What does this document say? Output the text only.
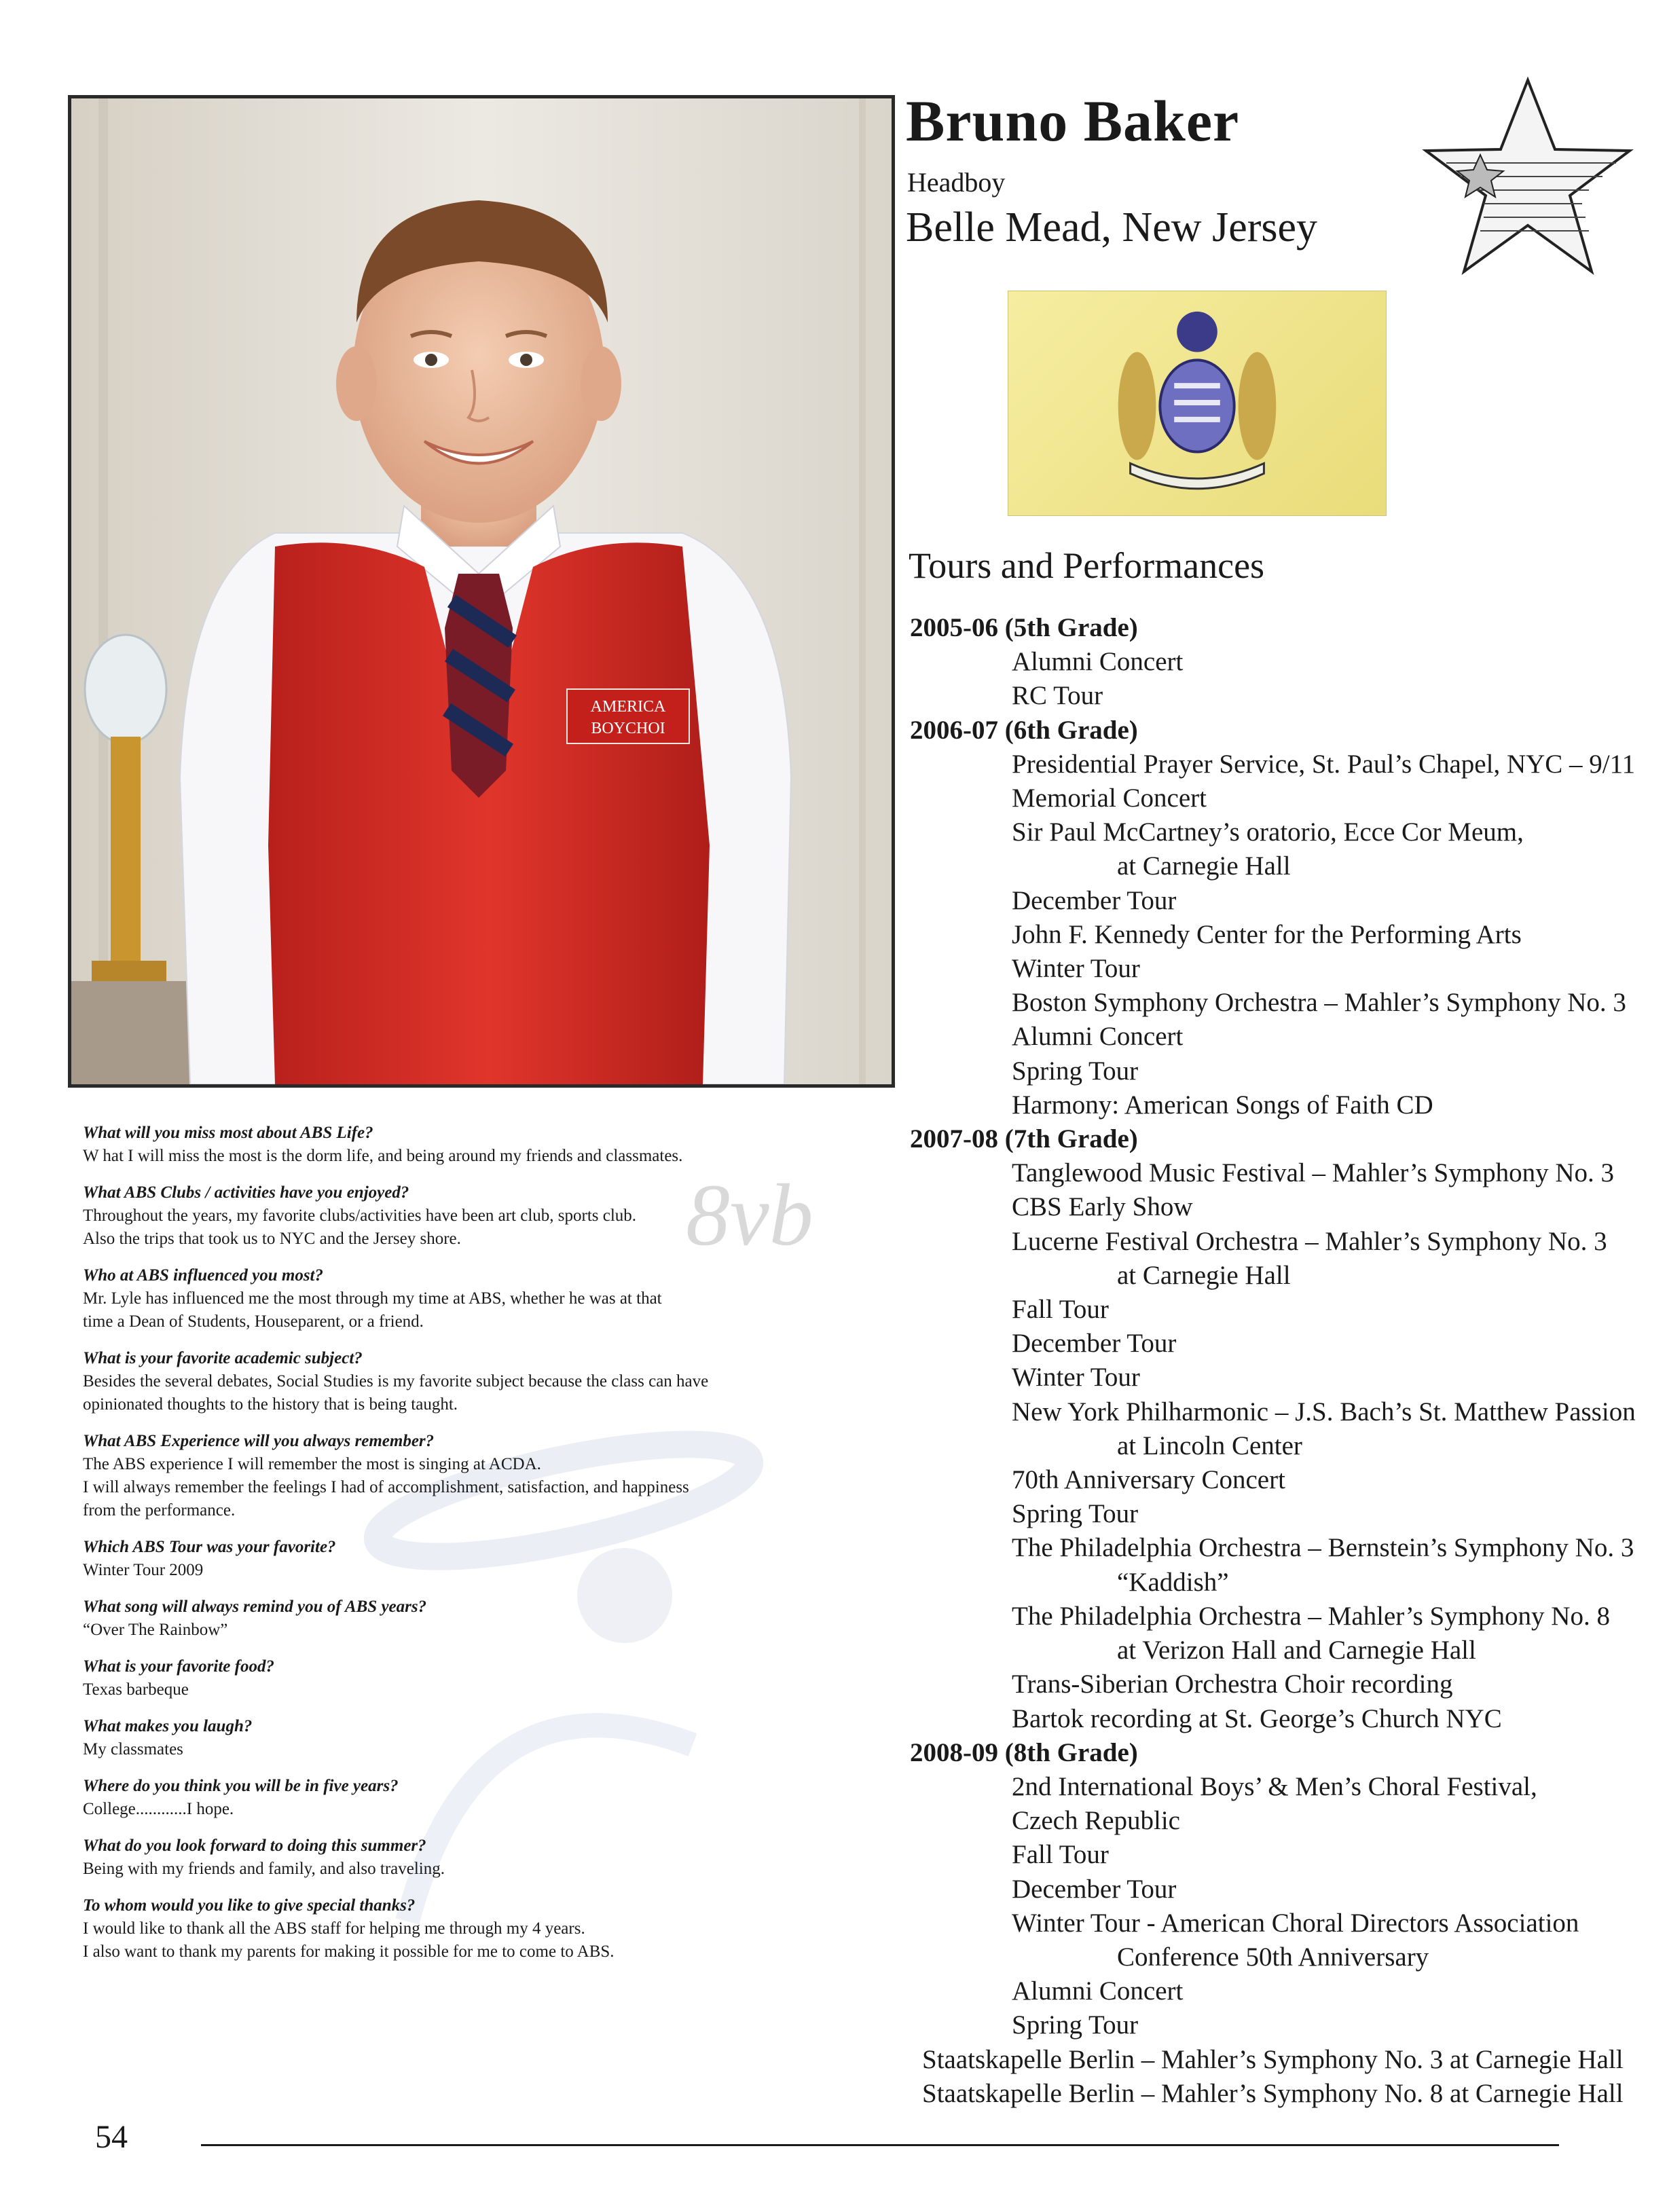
AMERICA
BOYCHOI
Bruno Baker
Headboy
Belle Mead, New Jersey
Tours and Performances
2005-06 (5th Grade)
Alumni Concert
RC Tour
2006-07 (6th Grade)
Presidential Prayer Service, St. Paul’s Chapel, NYC – 9/11
Memorial Concert
Sir Paul McCartney’s oratorio, Ecce Cor Meum,
at Carnegie Hall
December Tour
John F. Kennedy Center for the Performing Arts
Winter Tour
Boston Symphony Orchestra – Mahler’s Symphony No. 3
Alumni Concert
Spring Tour
Harmony: American Songs of Faith CD
2007-08 (7th Grade)
Tanglewood Music Festival – Mahler’s Symphony No. 3
CBS Early Show
Lucerne Festival Orchestra – Mahler’s Symphony No. 3
at Carnegie Hall
Fall Tour
December Tour
Winter Tour
New York Philharmonic – J.S. Bach’s St. Matthew Passion
at Lincoln Center
70th Anniversary Concert
Spring Tour
The Philadelphia Orchestra – Bernstein’s Symphony No. 3
“Kaddish”
The Philadelphia Orchestra – Mahler’s Symphony No. 8
at Verizon Hall and Carnegie Hall
Trans-Siberian Orchestra Choir recording
Bartok recording at St. George’s Church NYC
2008-09 (8th Grade)
2nd International Boys’ & Men’s Choral Festival,
Czech Republic
Fall Tour
December Tour
Winter Tour - American Choral Directors Association
Conference 50th Anniversary
Alumni Concert
Spring Tour
Staatskapelle Berlin – Mahler’s Symphony No. 3 at Carnegie Hall
Staatskapelle Berlin – Mahler’s Symphony No. 8 at Carnegie Hall
8vb
What will you miss most about ABS Life?
W hat I will miss the most is the dorm life, and being around my friends and classmates.
What ABS Clubs / activities have you enjoyed?
Throughout the years, my favorite clubs/activities have been art club, sports club.
Also the trips that took us to NYC and the Jersey shore.
Who at ABS influenced you most?
Mr. Lyle has influenced me the most through my time at ABS, whether he was at that
time a Dean of Students, Houseparent, or a friend.
What is your favorite academic subject?
Besides the several debates, Social Studies is my favorite subject because the class can have
opinionated thoughts to the history that is being taught.
What ABS Experience will you always remember?
The ABS experience I will remember the most is singing at ACDA.
I will always remember the feelings I had of accomplishment, satisfaction, and happiness
from the performance.
Which ABS Tour was your favorite?
Winter Tour 2009
What song will always remind you of ABS years?
“Over The Rainbow”
What is your favorite food?
Texas barbeque
What makes you laugh?
My classmates
Where do you think you will be in five years?
College............I hope.
What do you look forward to doing this summer?
Being with my friends and family, and also traveling.
To whom would you like to give special thanks?
I would like to thank all the ABS staff for helping me through my 4 years.
I also want to thank my parents for making it possible for me to come to ABS.
54
